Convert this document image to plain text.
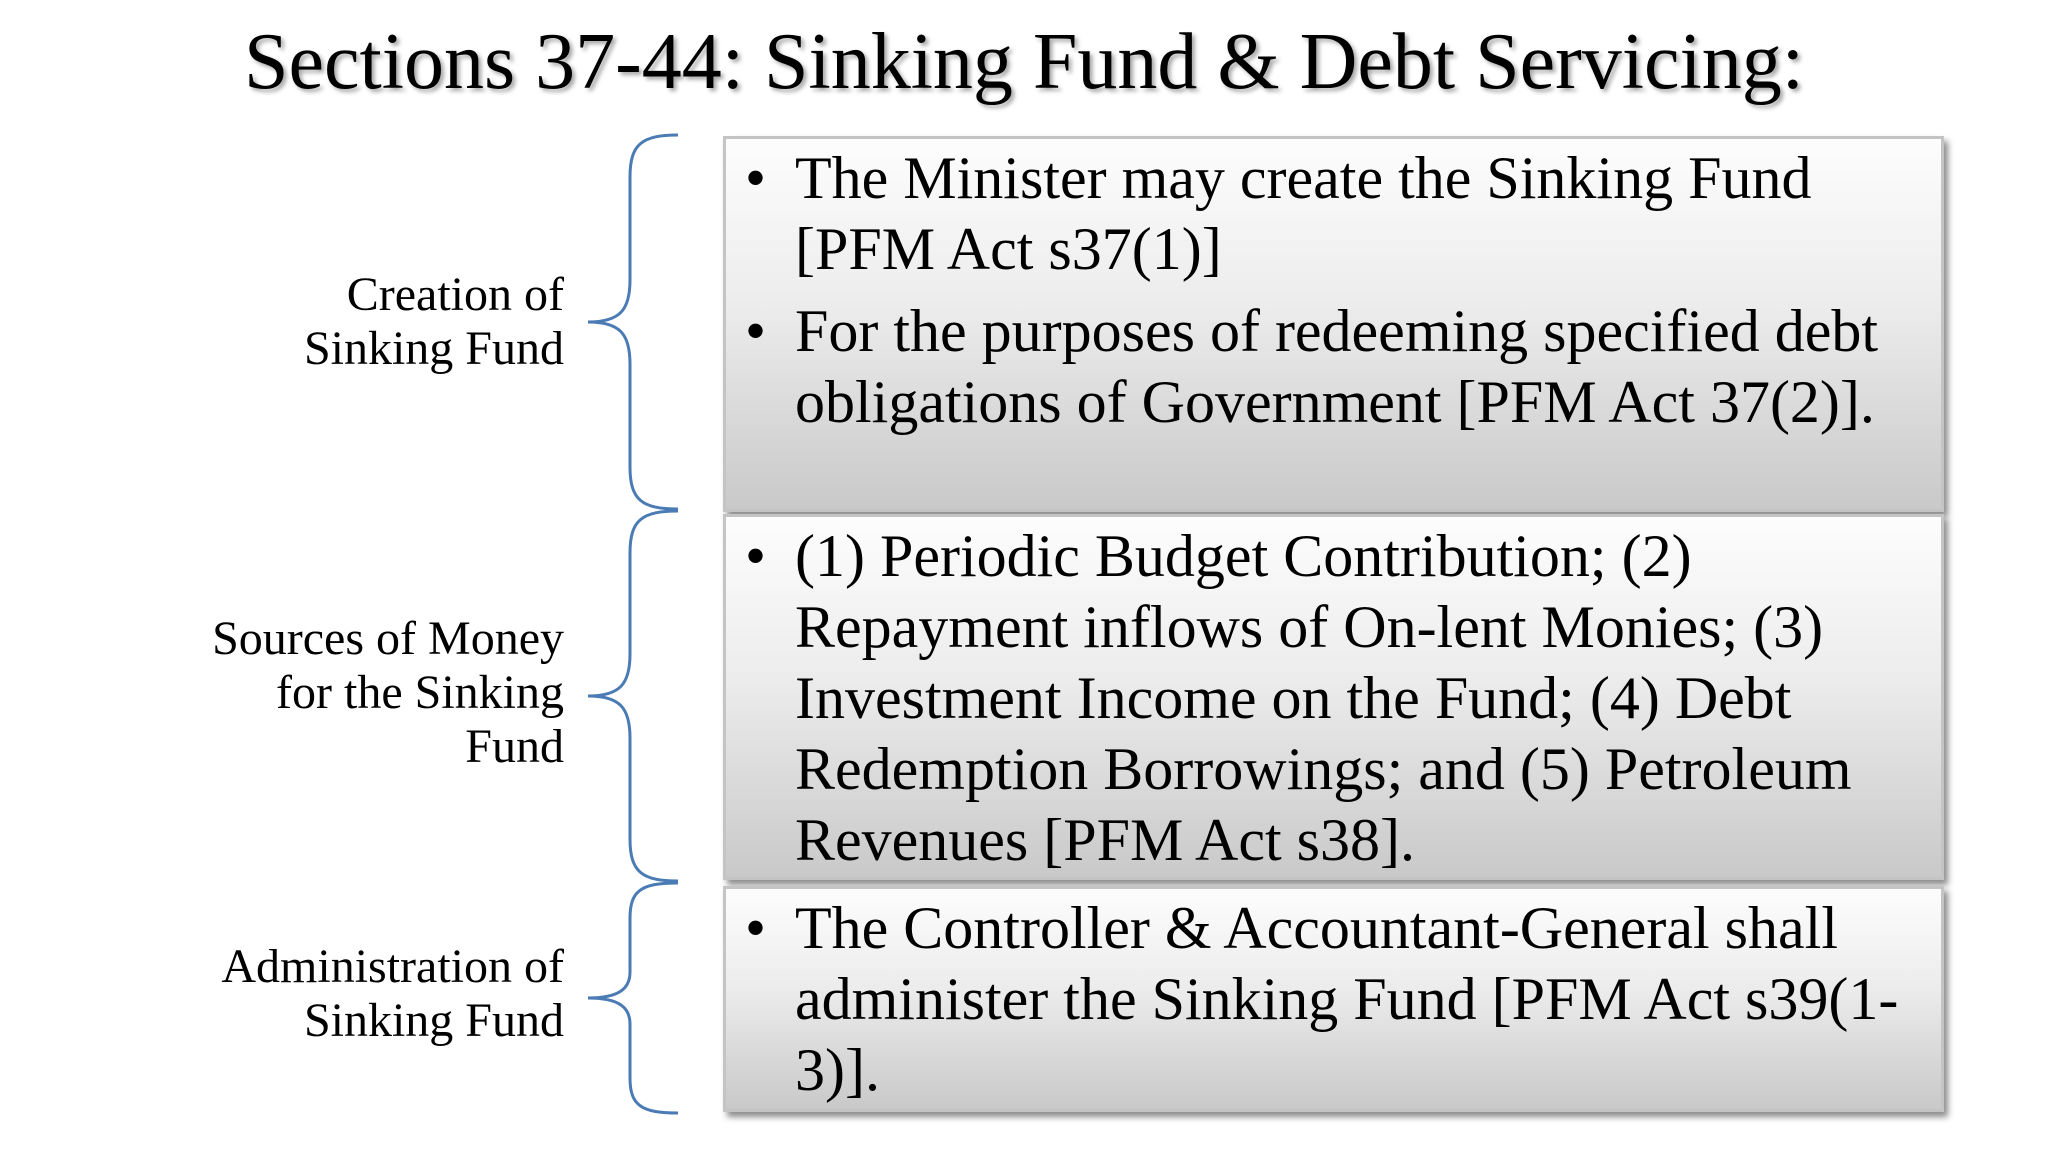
Sections 37-44: Sinking Fund & Debt Servicing:
Creation of
Sinking Fund
• The Minister may create the Sinking Fund [PFM Act s37(1)]
• For the purposes of redeeming specified debt obligations of Government [PFM Act 37(2)].
Sources of Money
for the Sinking
Fund
• (1) Periodic Budget Contribution; (2) Repayment inflows of On-lent Monies; (3) Investment Income on the Fund; (4) Debt Redemption Borrowings; and (5) Petroleum Revenues [PFM Act s38].
Administration of
Sinking Fund
• The Controller & Accountant-General shall administer the Sinking Fund [PFM Act s39(1-3)].
